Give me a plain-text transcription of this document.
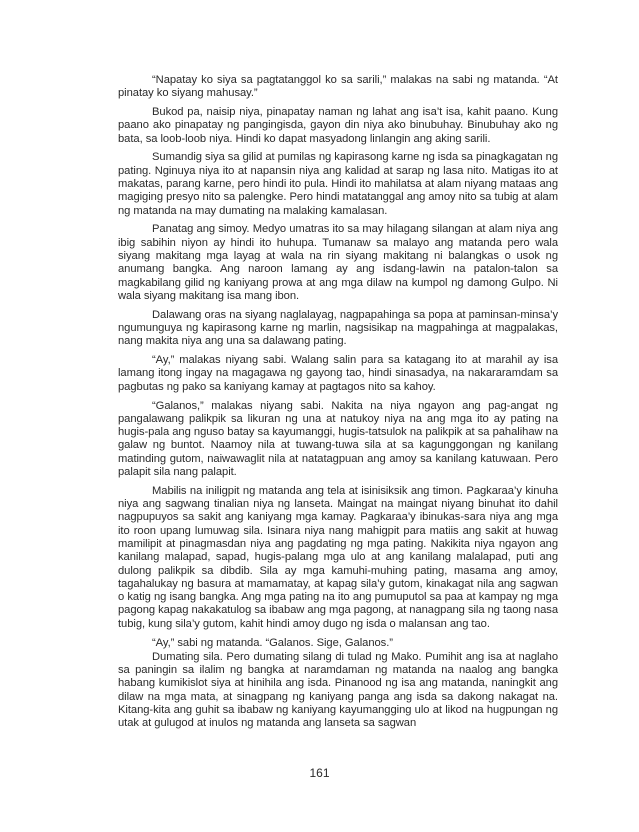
“Napatay ko siya sa pagtatanggol ko sa sarili,” malakas na sabi ng matanda. “At pinatay ko siyang mahusay.”

Bukod pa, naisip niya, pinapatay naman ng lahat ang isa’t isa, kahit paano. Kung paano ako pinapatay ng pangingisda, gayon din niya ako binubuhay. Binubuhay ako ng bata, sa loob-loob niya. Hindi ko dapat masyadong linlangin ang aking sarili.

Sumandig siya sa gilid at pumilas ng kapirasong karne ng isda sa pinagkagatan ng pating. Nginuya niya ito at napansin niya ang kalidad at sarap ng lasa nito. Matigas ito at makatas, parang karne, pero hindi ito pula. Hindi ito mahilatsa at alam niyang mataas ang magiging presyo nito sa palengke. Pero hindi matatanggal ang amoy nito sa tubig at alam ng matanda na may dumating na malaking kamalasan.

Panatag ang simoy. Medyo umatras ito sa may hilagang silangan at alam niya ang ibig sabihin niyon ay hindi ito huhupa. Tumanaw sa malayo ang matanda pero wala siyang makitang mga layag at wala na rin siyang makitang ni balangkas o usok ng anumang bangka. Ang naroon lamang ay ang isdang-lawin na patalon-talon sa magkabilang gilid ng kaniyang prowa at ang mga dilaw na kumpol ng damong Gulpo. Ni wala siyang makitang isa mang ibon.

Dalawang oras na siyang naglalayag, nagpapahinga sa popa at paminsan-minsa’y ngumunguya ng kapirasong karne ng marlin, nagsisikap na magpahinga at magpalakas, nang makita niya ang una sa dalawang pating.

“Ay,” malakas niyang sabi. Walang salin para sa katagang ito at marahil ay isa lamang itong ingay na magagawa ng gayong tao, hindi sinasadya, na nakararamdam sa pagbutas ng pako sa kaniyang kamay at pagtagos nito sa kahoy.

“Galanos,” malakas niyang sabi. Nakita na niya ngayon ang pag-angat ng pangalawang palikpik sa likuran ng una at natukoy niya na ang mga ito ay pating na hugis-pala ang nguso batay sa kayumanggi, hugis-tatsulok na palikpik at sa pahalihaw na galaw ng buntot. Naamoy nila at tuwang-tuwa sila at sa kagunggongan ng kanilang matinding gutom, naiwawaglit nila at natatagpuan ang amoy sa kanilang katuwaan. Pero palapit sila nang palapit.

Mabilis na iniligpit ng matanda ang tela at isinisiksik ang timon. Pagkaraa’y kinuha niya ang sagwang tinalian niya ng lanseta. Maingat na maingat niyang binuhat ito dahil nagpupuyos sa sakit ang kaniyang mga kamay. Pagkaraa’y ibinukas-sara niya ang mga ito roon upang lumuwag sila. Isinara niya nang mahigpit para matiis ang sakit at huwag mamilipit at pinagmasdan niya ang pagdating ng mga pating. Nakikita niya ngayon ang kanilang malapad, sapad, hugis-palang mga ulo at ang kanilang malalapad, puti ang dulong palikpik sa dibdib. Sila ay mga kamuhi-muhing pating, masama ang amoy, tagahalukay ng basura at mamamatay, at kapag sila’y gutom, kinakagat nila ang sagwan o katig ng isang bangka. Ang mga pating na ito ang pumuputol sa paa at kampay ng mga pagong kapag nakakatulog sa ibabaw ang mga pagong, at nanagpang sila ng taong nasa tubig, kung sila’y gutom, kahit hindi amoy dugo ng isda o malansan ang tao.

“Ay,” sabi ng matanda. “Galanos. Sige, Galanos.”

Dumating sila. Pero dumating silang di tulad ng Mako. Pumihit ang isa at naglaho sa paningin sa ilalim ng bangka at naramdaman ng matanda na naalog ang bangka habang kumikislot siya at hinihila ang isda. Pinanood ng isa ang matanda, naningkit ang dilaw na mga mata, at sinagpang ng kaniyang panga ang isda sa dakong nakagat na. Kitang-kita ang guhit sa ibabaw ng kaniyang kayumangging ulo at likod na hugpungan ng utak at gulugod at inulos ng matanda ang lanseta sa sagwan

161
